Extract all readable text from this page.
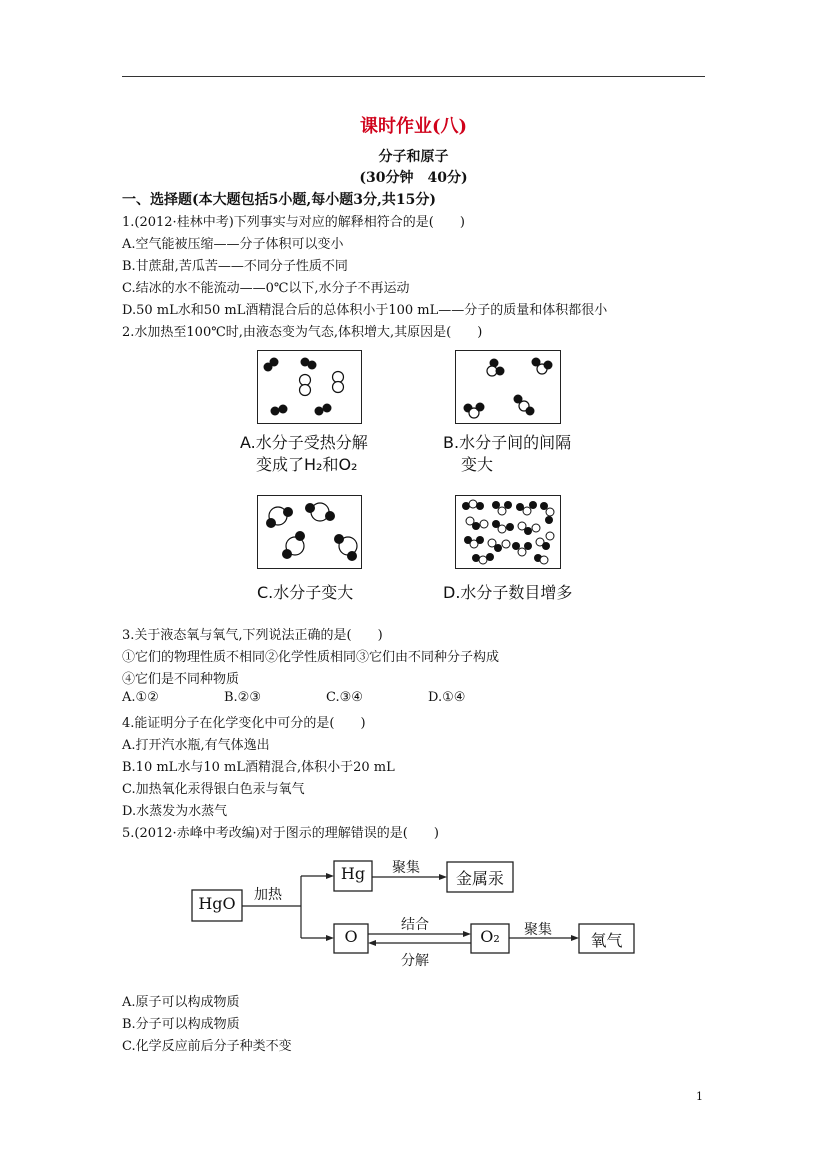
课时作业(八)
分子和原子
(30分钟　40分)
一、选择题(本大题包括5小题,每小题3分,共15分)
1.(2012·桂林中考)下列事实与对应的解释相符合的是(　　)
A.空气能被压缩——分子体积可以变小
B.甘蔗甜,苦瓜苦——不同分子性质不同
C.结冰的水不能流动——0℃以下,水分子不再运动
D.50 mL水和50 mL酒精混合后的总体积小于100 mL——分子的质量和体积都很小
2.水加热至100℃时,由液态变为气态,体积增大,其原因是(　　)
A.水分子受热分解
变成了H₂和O₂
B.水分子间的间隔
变大
C.水分子变大	D.水分子数目增多
3.关于液态氧与氧气,下列说法正确的是(　　)
①它们的物理性质不相同②化学性质相同③它们由不同种分子构成
④它们是不同种物质
A.①②	B.②③	C.③④	D.①④
4.能证明分子在化学变化中可分的是(　　)
A.打开汽水瓶,有气体逸出
B.10 mL水与10 mL酒精混合,体积小于20 mL
C.加热氧化汞得银白色汞与氧气
D.水蒸发为水蒸气
5.(2012·赤峰中考改编)对于图示的理解错误的是(　　)
HgO	加热
Hg	聚集
金属汞
O
结合
O₂	聚集
氧气
分解
A.原子可以构成物质
B.分子可以构成物质
C.化学反应前后分子种类不变
1
